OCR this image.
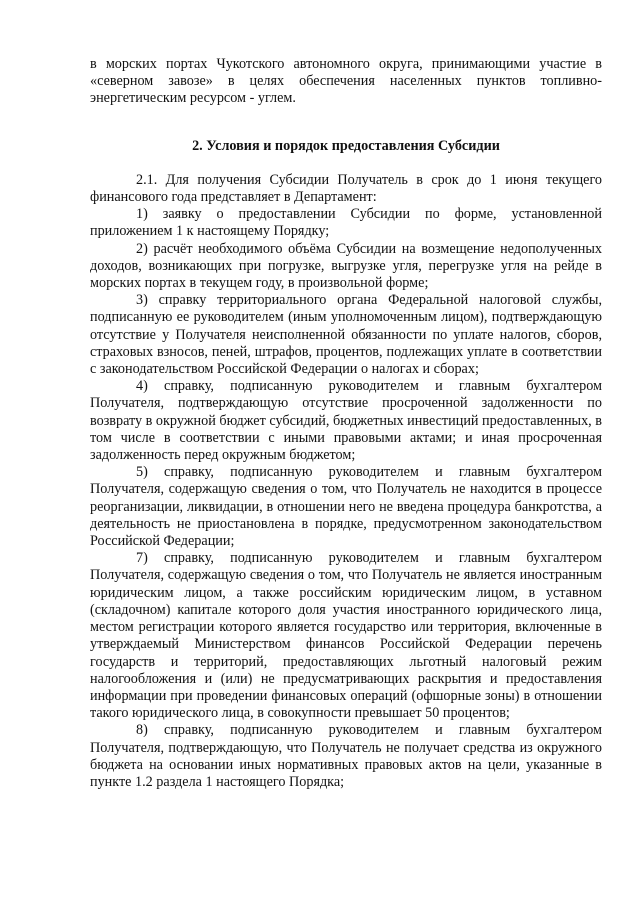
в морских портах Чукотского автономного округа, принимающими участие в «северном завозе» в целях обеспечения населенных пунктов топливно-энергетическим ресурсом - углем.

2. Условия и порядок предоставления Субсидии

2.1. Для получения Субсидии Получатель в срок до 1 июня текущего финансового года представляет в Департамент:

1) заявку о предоставлении Субсидии по форме, установленной приложением 1 к настоящему Порядку;

2) расчёт необходимого объёма Субсидии на возмещение недополученных доходов, возникающих при погрузке, выгрузке угля, перегрузке угля на рейде в морских портах в текущем году, в произвольной форме;

3) справку территориального органа Федеральной налоговой службы, подписанную ее руководителем (иным уполномоченным лицом), подтверждающую отсутствие у Получателя неисполненной обязанности по уплате налогов, сборов, страховых взносов, пеней, штрафов, процентов, подлежащих уплате в соответствии с законодательством Российской Федерации о налогах и сборах;

4) справку, подписанную руководителем и главным бухгалтером Получателя, подтверждающую отсутствие просроченной задолженности по возврату в окружной бюджет субсидий, бюджетных инвестиций предоставленных, в том числе в соответствии с иными правовыми актами; и иная просроченная задолженность перед окружным бюджетом;

5) справку, подписанную руководителем и главным бухгалтером Получателя, содержащую сведения о том, что Получатель не находится в процессе реорганизации, ликвидации, в отношении него не введена процедура банкротства, а деятельность не приостановлена в порядке, предусмотренном законодательством Российской Федерации;

7) справку, подписанную руководителем и главным бухгалтером Получателя, содержащую сведения о том, что Получатель не является иностранным юридическим лицом, а также российским юридическим лицом, в уставном (складочном) капитале которого доля участия иностранного юридического лица, местом регистрации которого является государство или территория, включенные в утверждаемый Министерством финансов Российской Федерации перечень государств и территорий, предоставляющих льготный налоговый режим налогообложения и (или) не предусматривающих раскрытия и предоставления информации при проведении финансовых операций (офшорные зоны) в отношении такого юридического лица, в совокупности превышает 50 процентов;

8) справку, подписанную руководителем и главным бухгалтером Получателя, подтверждающую, что Получатель не получает средства из окружного бюджета на основании иных нормативных правовых актов на цели, указанные в пункте 1.2 раздела 1 настоящего Порядка;
